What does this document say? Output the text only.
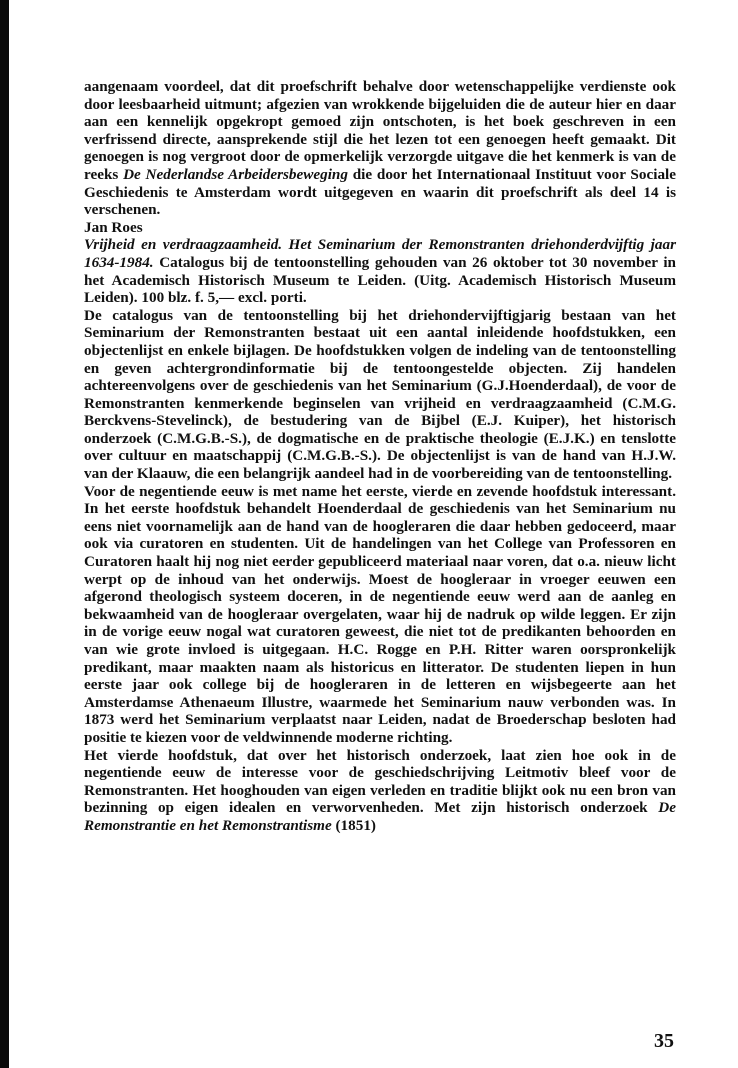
aangenaam voordeel, dat dit proefschrift behalve door wetenschappelijke verdienste ook door leesbaarheid uitmunt; afgezien van wrokkende bijgeluiden die de auteur hier en daar aan een kennelijk opgekropt gemoed zijn ontschoten, is het boek geschreven in een verfrissend directe, aansprekende stijl die het lezen tot een genoegen heeft gemaakt. Dit genoegen is nog vergroot door de opmerkelijk verzorgde uitgave die het kenmerk is van de reeks De Nederlandse Arbeidersbeweging die door het Internationaal Instituut voor Sociale Geschiedenis te Amsterdam wordt uitgegeven en waarin dit proefschrift als deel 14 is verschenen.

Jan Roes

Vrijheid en verdraagzaamheid. Het Seminarium der Remonstranten driehonderdvijftig jaar 1634-1984. Catalogus bij de tentoonstelling gehouden van 26 oktober tot 30 november in het Academisch Historisch Museum te Leiden. (Uitg. Academisch Historisch Museum Leiden). 100 blz. f. 5,— excl. porti.

De catalogus van de tentoonstelling bij het driehondervijftigjarig bestaan van het Seminarium der Remonstranten bestaat uit een aantal inleidende hoofdstukken, een objectenlijst en enkele bijlagen. De hoofdstukken volgen de indeling van de tentoonstelling en geven achtergrondinformatie bij de tentoongestelde objecten. Zij handelen achtereenvolgens over de geschiedenis van het Seminarium (G.J.Hoenderdaal), de voor de Remonstranten kenmerkende beginselen van vrijheid en verdraagzaamheid (C.M.G. Berckvens-Stevelinck), de bestudering van de Bijbel (E.J. Kuiper), het historisch onderzoek (C.M.G.B.-S.), de dogmatische en de praktische theologie (E.J.K.) en tenslotte over cultuur en maatschappij (C.M.G.B.-S.). De objectenlijst is van de hand van H.J.W. van der Klaauw, die een belangrijk aandeel had in de voorbereiding van de tentoonstelling.

Voor de negentiende eeuw is met name het eerste, vierde en zevende hoofdstuk interessant. In het eerste hoofdstuk behandelt Hoenderdaal de geschiedenis van het Seminarium nu eens niet voornamelijk aan de hand van de hoogleraren die daar hebben gedoceerd, maar ook via curatoren en studenten. Uit de handelingen van het College van Professoren en Curatoren haalt hij nog niet eerder gepubliceerd materiaal naar voren, dat o.a. nieuw licht werpt op de inhoud van het onderwijs. Moest de hoogleraar in vroeger eeuwen een afgerond theologisch systeem doceren, in de negentiende eeuw werd aan de aanleg en bekwaamheid van de hoogleraar overgelaten, waar hij de nadruk op wilde leggen. Er zijn in de vorige eeuw nogal wat curatoren geweest, die niet tot de predikanten behoorden en van wie grote invloed is uitgegaan. H.C. Rogge en P.H. Ritter waren oorspronkelijk predikant, maar maakten naam als historicus en litterator. De studenten liepen in hun eerste jaar ook college bij de hoogleraren in de letteren en wijsbegeerte aan het Amsterdamse Athenaeum Illustre, waarmede het Seminarium nauw verbonden was. In 1873 werd het Seminarium verplaatst naar Leiden, nadat de Broederschap besloten had positie te kiezen voor de veldwinnende moderne richting.

Het vierde hoofdstuk, dat over het historisch onderzoek, laat zien hoe ook in de negentiende eeuw de interesse voor de geschiedschrijving Leitmotiv bleef voor de Remonstranten. Het hooghouden van eigen verleden en traditie blijkt ook nu een bron van bezinning op eigen idealen en verworvenheden. Met zijn historisch onderzoek De Remonstrantie en het Remonstrantisme (1851)

35
